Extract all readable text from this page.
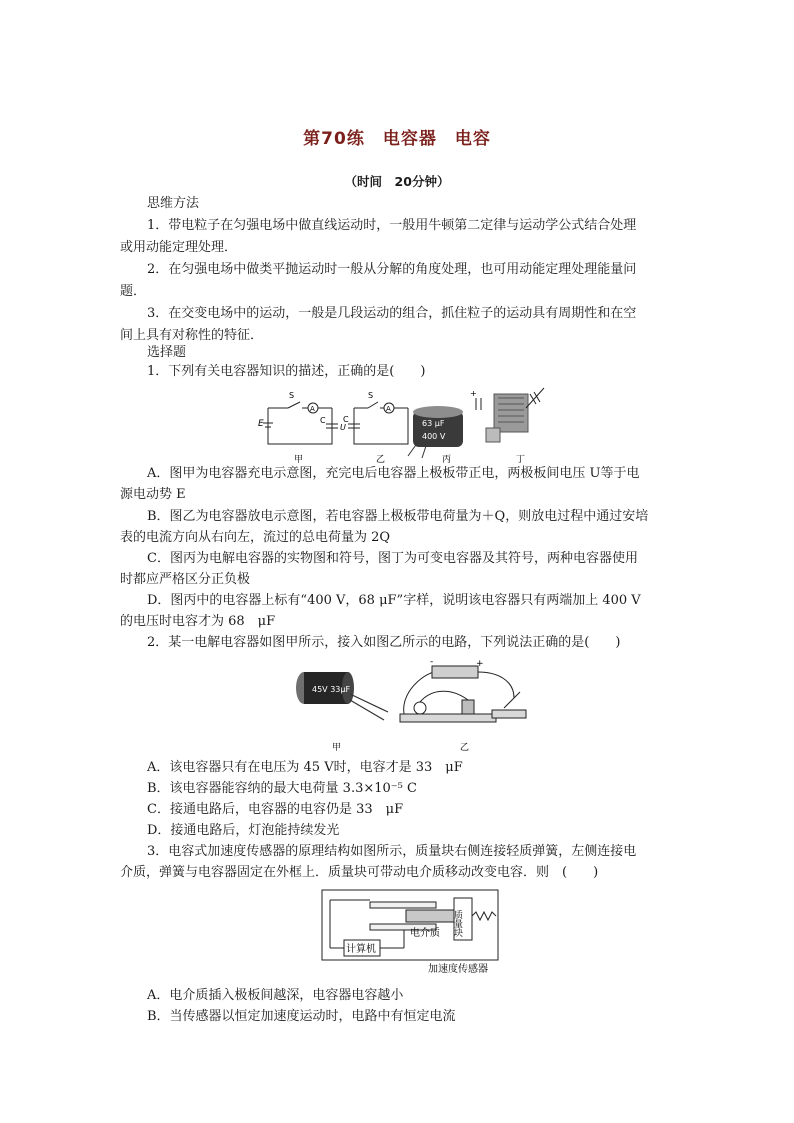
第70练　电容器　电容
（时间　20分钟）
思维方法
1．带电粒子在匀强电场中做直线运动时，一般用牛顿第二定律与运动学公式结合处理
或用动能定理处理．
2．在匀强电场中做类平抛运动时一般从分解的角度处理，也可用动能定理处理能量问
题．
3．在交变电场中的运动，一般是几段运动的组合，抓住粒子的运动具有周期性和在空
间上具有对称性的特征．
选择题
1．下列有关电容器知识的描述，正确的是(　　)
E
S
A
C
U
甲
C
S
A
乙
63 μF
400 V
丙
+
丁
A．图甲为电容器充电示意图，充完电后电容器上极板带正电，两极板间电压 U等于电
源电动势 E
B．图乙为电容器放电示意图，若电容器上极板带电荷量为＋Q，则放电过程中通过安培
表的电流方向从右向左，流过的总电荷量为 2Q
C．图丙为电解电容器的实物图和符号，图丁为可变电容器及其符号，两种电容器使用
时都应严格区分正负极
D．图丙中的电容器上标有“400 V，68 μF”字样，说明该电容器只有两端加上 400 V
的电压时电容才为 68　μF
2．某一电解电容器如图甲所示，接入如图乙所示的电路，下列说法正确的是(　　)
45V 33μF
甲
-	+
乙
A．该电容器只有在电压为 45 V时，电容才是 33　μF
B．该电容器能容纳的最大电荷量 3.3×10⁻⁵ C
C．接通电路后，电容器的电容仍是 33　μF
D．接通电路后，灯泡能持续发光
3．电容式加速度传感器的原理结构如图所示，质量块右侧连接轻质弹簧，左侧连接电
介质，弹簧与电容器固定在外框上．质量块可带动电介质移动改变电容．则　(　　)
电介质 质量块
计算机
加速度传感器
A．电介质插入极板间越深，电容器电容越小
B．当传感器以恒定加速度运动时，电路中有恒定电流
